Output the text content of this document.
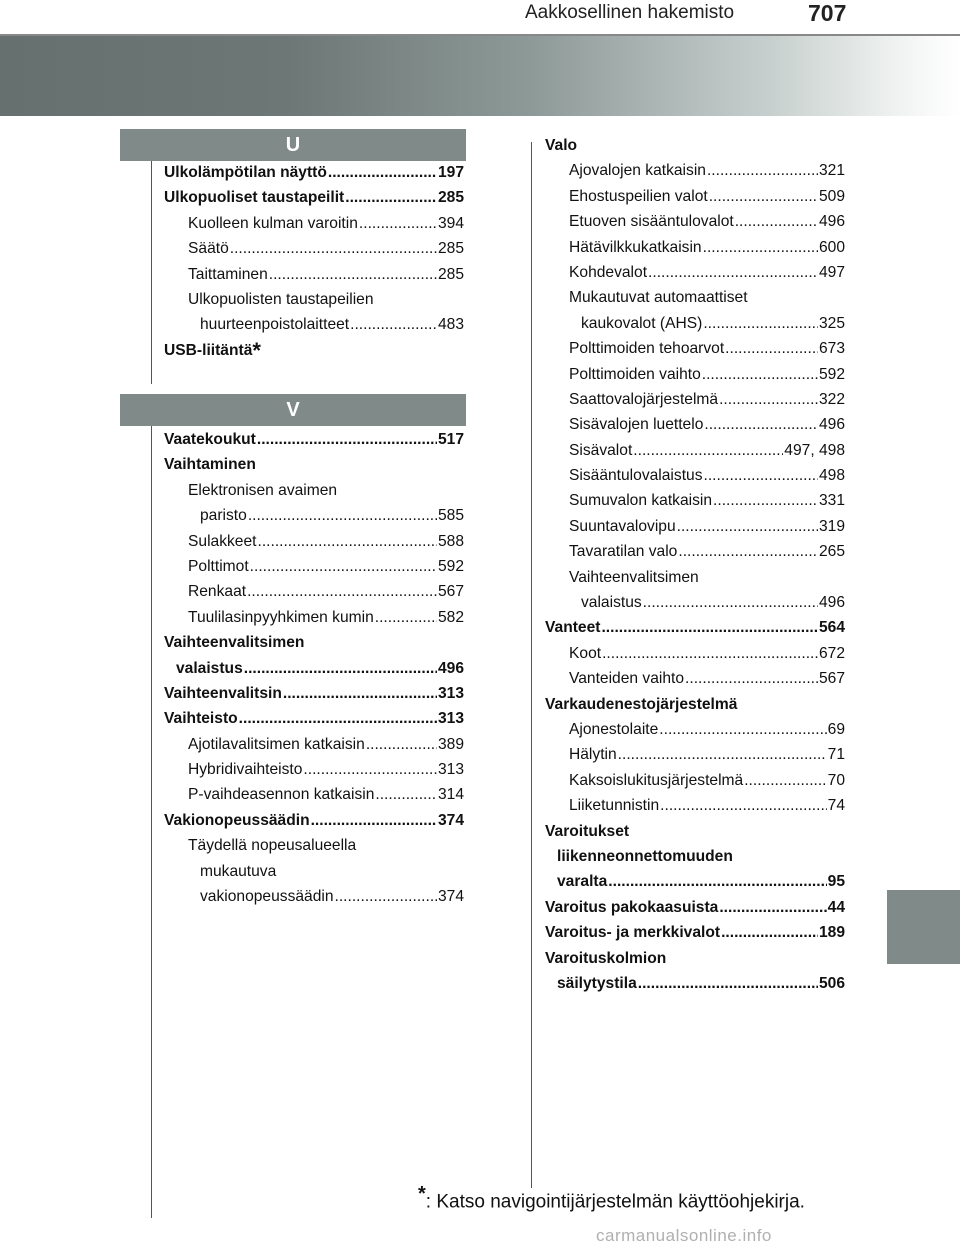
Aakkosellinen hakemisto	707
U
Ulkolämpötilan näyttö .....	197
Ulkopuoliset taustapeilit .....	285
Kuolleen kulman varoitin .....	394
Säätö .....	285
Taittaminen .....	285
Ulkopuolisten taustapeilien
huurteenpoistolaitteet .....	483
USB-liitäntä *
V
Vaatekoukut .....	517
Vaihtaminen
Elektronisen avaimen
paristo .....	585
Sulakkeet .....	588
Polttimot .....	592
Renkaat .....	567
Tuulilasinpyyhkimen kumin .....	582
Vaihteenvalitsimen
valaistus .....	496
Vaihteenvalitsin .....	313
Vaihteisto .....	313
Ajotilavalitsimen katkaisin .....	389
Hybridivaihteisto .....	313
P-vaihdeasennon katkaisin .....	314
Vakionopeussäädin .....	374
Täydellä nopeusalueella
mukautuva
vakionopeussäädin .....	374
Valo
Ajovalojen katkaisin .....	321
Ehostuspeilien valot .....	509
Etuoven sisääntulovalot .....	496
Hätävilkkukatkaisin .....	600
Kohdevalot .....	497
Mukautuvat automaattiset
kaukovalot (AHS) .....	325
Polttimoiden tehoarvot .....	673
Polttimoiden vaihto .....	592
Saattovalojärjestelmä .....	322
Sisävalojen luettelo .....	496
Sisävalot .....	497, 498
Sisääntulovalaistus .....	498
Sumuvalon katkaisin .....	331
Suuntavalovipu .....	319
Tavaratilan valo .....	265
Vaihteenvalitsimen
valaistus .....	496
Vanteet .....	564
Koot .....	672
Vanteiden vaihto .....	567
Varkaudenestojärjestelmä
Ajonestolaite .....	69
Hälytin .....	71
Kaksoislukitusjärjestelmä .....	70
Liiketunnistin .....	74
Varoitukset
liikenneonnettomuuden
varalta .....	95
Varoitus pakokaasuista .....	44
Varoitus- ja merkkivalot .....	189
Varoituskolmion
säilytystila .....	506
*: Katso navigointijärjestelmän käyttöohjekirja.
carmanualsonline.info
